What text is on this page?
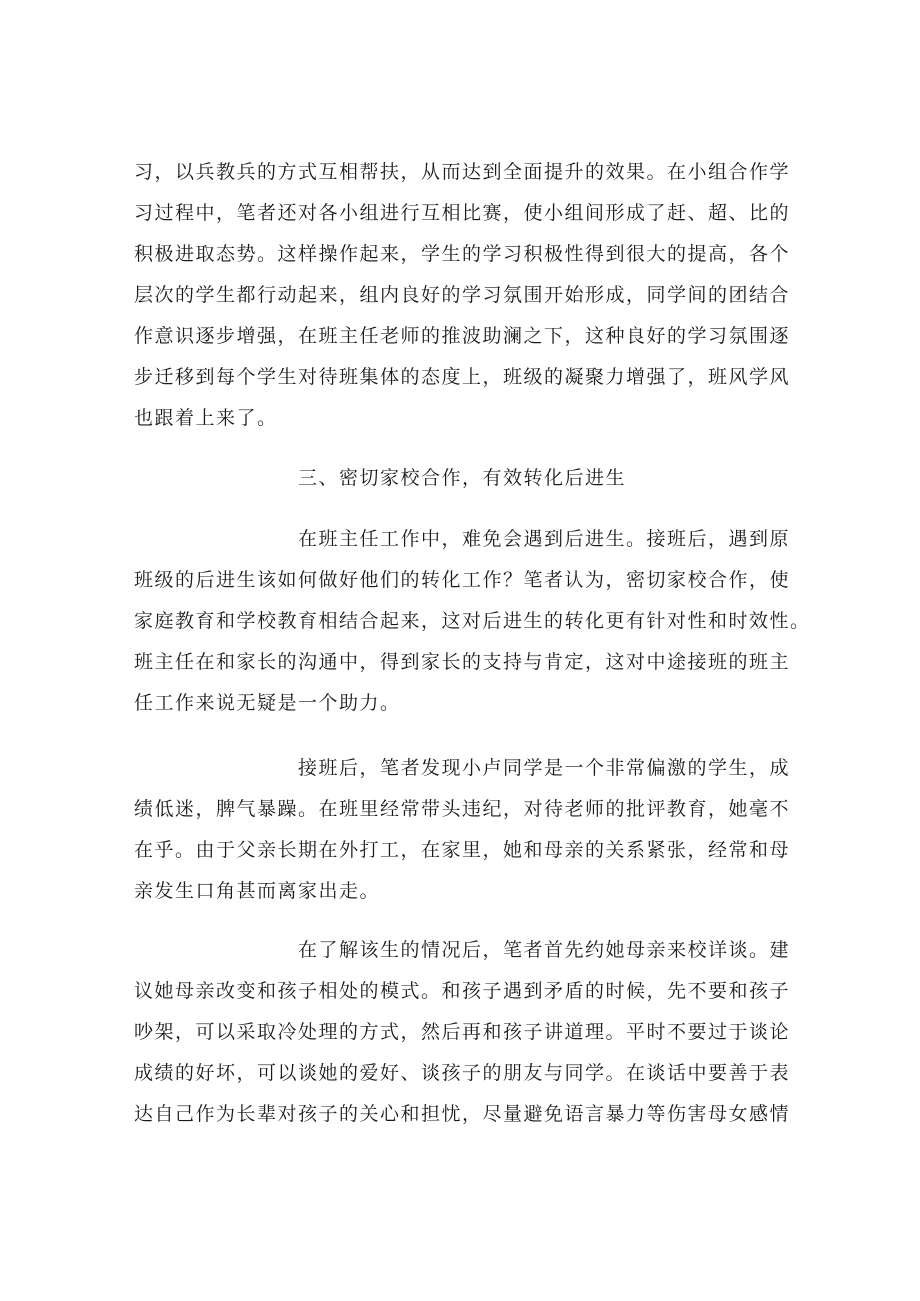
习，以兵教兵的方式互相帮扶，从而达到全面提升的效果。在小组合作学
习过程中，笔者还对各小组进行互相比赛，使小组间形成了赶、超、比的
积极进取态势。这样操作起来，学生的学习积极性得到很大的提高，各个
层次的学生都行动起来，组内良好的学习氛围开始形成，同学间的团结合
作意识逐步增强，在班主任老师的推波助澜之下，这种良好的学习氛围逐
步迁移到每个学生对待班集体的态度上，班级的凝聚力增强了，班风学风
也跟着上来了。
三、密切家校合作，有效转化后进生
在班主任工作中，难免会遇到后进生。接班后，遇到原
班级的后进生该如何做好他们的转化工作？笔者认为，密切家校合作，使
家庭教育和学校教育相结合起来，这对后进生的转化更有针对性和时效性。
班主任在和家长的沟通中，得到家长的支持与肯定，这对中途接班的班主
任工作来说无疑是一个助力。
接班后，笔者发现小卢同学是一个非常偏激的学生，成
绩低迷，脾气暴躁。在班里经常带头违纪，对待老师的批评教育，她毫不
在乎。由于父亲长期在外打工，在家里，她和母亲的关系紧张，经常和母
亲发生口角甚而离家出走。
在了解该生的情况后，笔者首先约她母亲来校详谈。建
议她母亲改变和孩子相处的模式。和孩子遇到矛盾的时候，先不要和孩子
吵架，可以采取冷处理的方式，然后再和孩子讲道理。平时不要过于谈论
成绩的好坏，可以谈她的爱好、谈孩子的朋友与同学。在谈话中要善于表
达自己作为长辈对孩子的关心和担忧，尽量避免语言暴力等伤害母女感情
